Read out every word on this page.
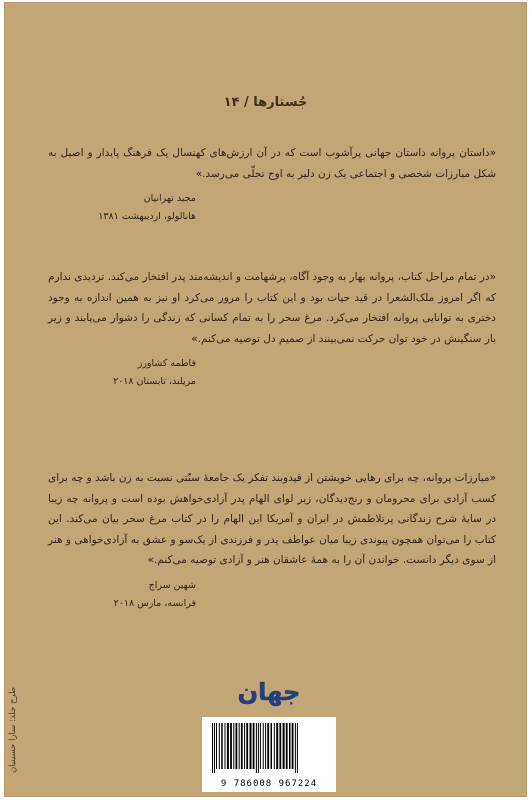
جُستارها / ۱۴

«داستان پروانه داستان جهانی پرآشوب است که در آن ارزش‌های کهنسال یک فرهنگ پایدار و اصیل به شکل مبارزات شخصی و اجتماعی یک زن دلیر به اوج تجلّی می‌رسد.»

مجید تهرانیان
هانالولو، اردیبهشت ۱۳۸۱

«در تمام مراحل کتاب، پروانه بهار به وجود آگاه، پرشهامت و اندیشه‌مند پدر افتخار می‌کند. تردیدی ندارم که اگر امروز ملک‌الشعرا در قید حیات بود و این کتاب را مرور می‌کرد او نیز به همین اندازه به وجود دختری به توانایی پروانه افتخار می‌کرد. مرغ سحر را به تمام کسانی که زندگی را دشوار می‌یابند و زیر بار سنگینش در خود توان حرکت نمی‌بینند از صمیم دل توصیه می‌کنم.»

فاطمه کشاورز
مریلند، تابستان ۲۰۱۸

«مبارزات پروانه، چه برای رهایی خویشتن از قیدوبند تفکر یک جامعهٔ سنّتی نسبت به زن باشد و چه برای کسب آزادی برای محرومان و رنج‌دیدگان، زیر لوای الهام پدر آزادی‌خواهش بوده است و پروانه چه زیبا در سایهٔ شرح زندگانی پرتلاطمش در ایران و آمریکا این الهام را در کتاب مرغ سحر بیان می‌کند. این کتاب را می‌توان همچون پیوندی زیبا میان عواطف پدر و فرزندی از یک‌سو و عشق به آزادی‌خواهی و هنر از سوی دیگر دانست. خواندن آن را به همهٔ عاشقان هنر و آزادی توصیه می‌کنم.»

شهین سراج
فرانسه، مارس ۲۰۱۸
طرح جلد: سارا حسینیان	جهان
9 786008 967224
